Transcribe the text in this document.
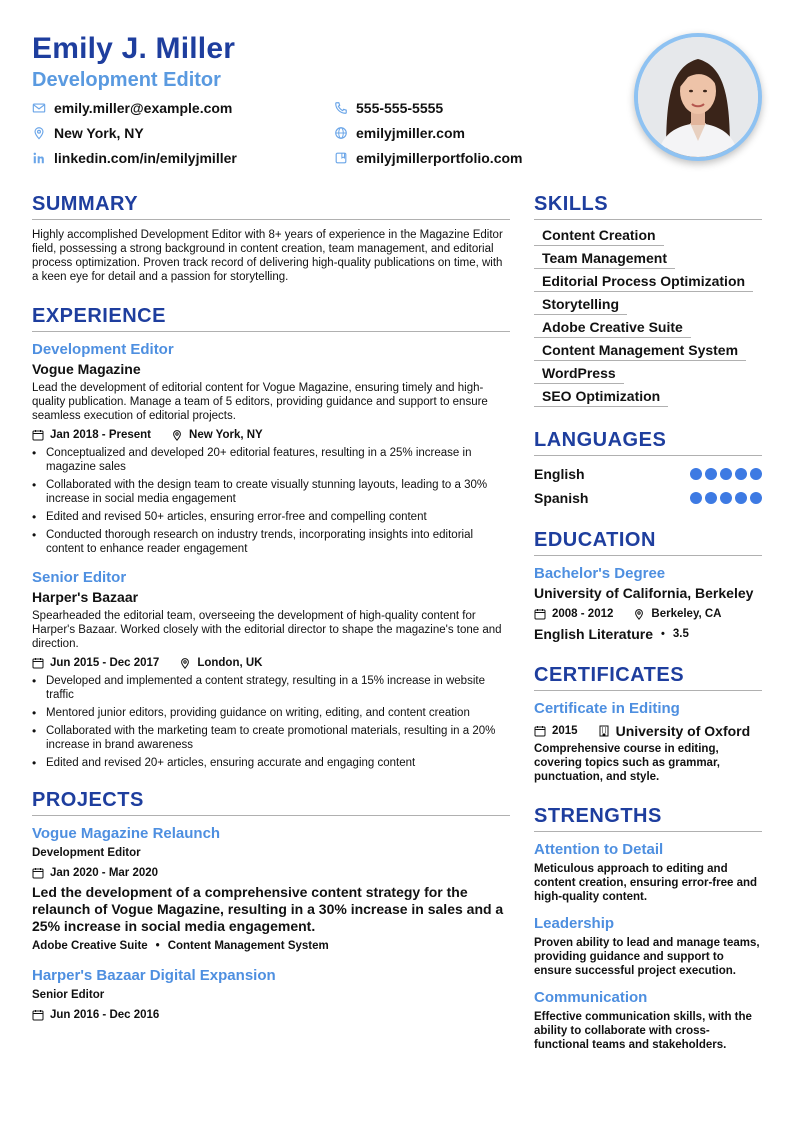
Emily J. Miller
Development Editor
emily.miller@example.com	555-555-5555
New York, NY	emilyjmiller.com
linkedin.com/in/emilyjmiller	emilyjmillerportfolio.com
SUMMARY

Highly accomplished Development Editor with 8+ years of experience in the Magazine Editor field, possessing a strong background in content creation, team management, and editorial process optimization. Proven track record of delivering high-quality publications on time, with a keen eye for detail and a passion for storytelling.

EXPERIENCE
Development Editor
Vogue Magazine

Lead the development of editorial content for Vogue Magazine, ensuring timely and high-quality publication. Manage a team of 5 editors, providing guidance and support to ensure seamless execution of editorial projects.

Jan 2018 - Present	New York, NY
• Conceptualized and developed 20+ editorial features, resulting in a 25% increase in magazine sales
• Collaborated with the design team to create visually stunning layouts, leading to a 30% increase in social media engagement
• Edited and revised 50+ articles, ensuring error-free and compelling content
• Conducted thorough research on industry trends, incorporating insights into editorial content to enhance reader engagement
Senior Editor
Harper's Bazaar

Spearheaded the editorial team, overseeing the development of high-quality content for Harper's Bazaar. Worked closely with the editorial director to shape the magazine's tone and direction.

Jun 2015 - Dec 2017	London, UK
• Developed and implemented a content strategy, resulting in a 15% increase in website traffic
• Mentored junior editors, providing guidance on writing, editing, and content creation
• Collaborated with the marketing team to create promotional materials, resulting in a 20% increase in brand awareness
• Edited and revised 20+ articles, ensuring accurate and engaging content
PROJECTS
Vogue Magazine Relaunch
Development Editor
Jan 2020 - Mar 2020

Led the development of a comprehensive content strategy for the relaunch of Vogue Magazine, resulting in a 30% increase in sales and a 25% increase in social media engagement.

Adobe Creative Suite • Content Management System
Harper's Bazaar Digital Expansion
Senior Editor
Jun 2016 - Dec 2016
SKILLS
Content Creation
Team Management
Editorial Process Optimization
Storytelling
Adobe Creative Suite
Content Management System
WordPress
SEO Optimization
LANGUAGES
English
Spanish
EDUCATION
Bachelor's Degree
University of California, Berkeley
2008 - 2012	Berkeley, CA
English Literature • 3.5
CERTIFICATES
Certificate in Editing
2015	University of Oxford

Comprehensive course in editing, covering topics such as grammar, punctuation, and style.

STRENGTHS
Attention to Detail

Meticulous approach to editing and content creation, ensuring error-free and high-quality content.

Leadership

Proven ability to lead and manage teams, providing guidance and support to ensure successful project execution.

Communication

Effective communication skills, with the ability to collaborate with cross-functional teams and stakeholders.
